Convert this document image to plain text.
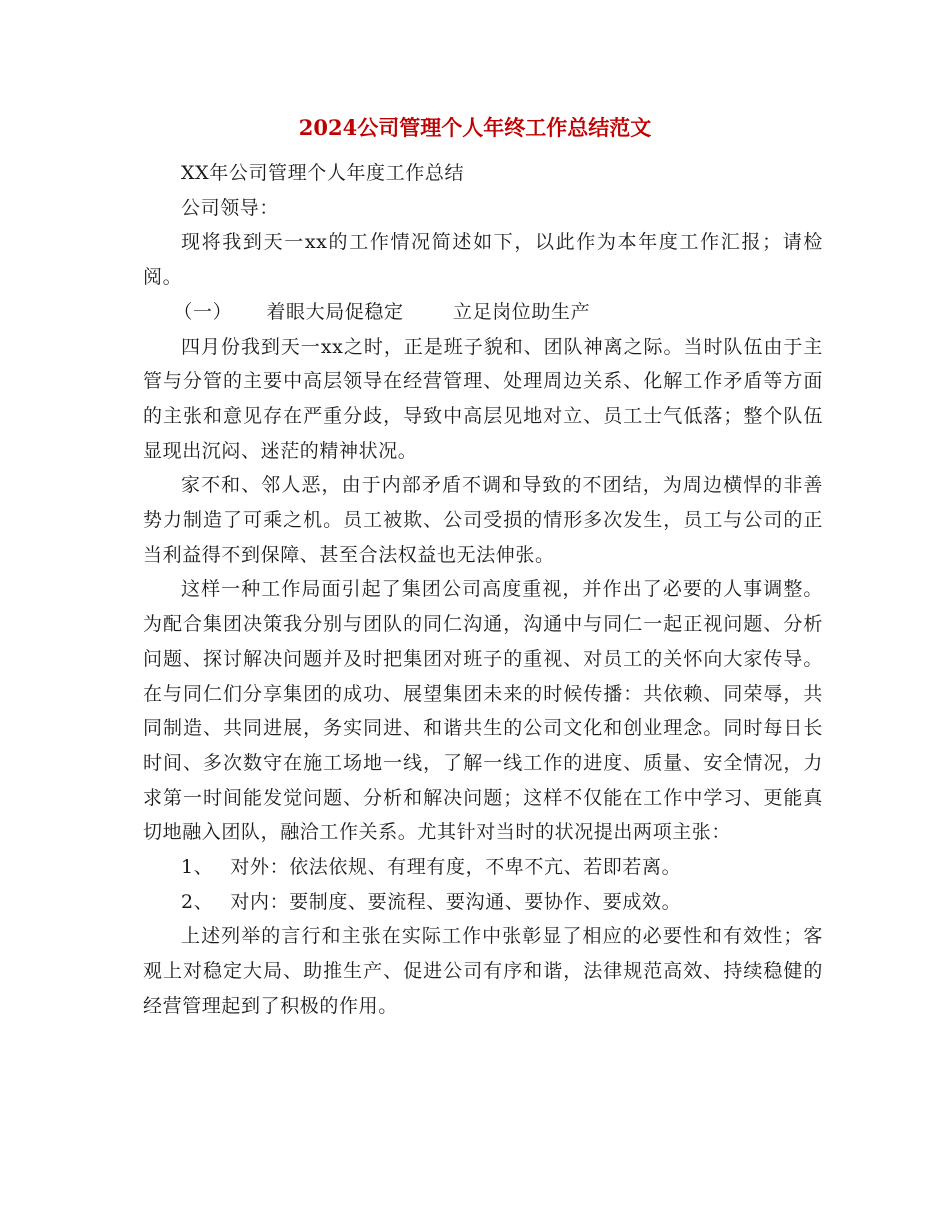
2024公司管理个人年终工作总结范文

XX年公司管理个人年度工作总结

公司领导：

现将我到天一xx的工作情况简述如下，以此作为本年度工作汇报；请检阅。

（一） 着眼大局促稳定	立足岗位助生产

四月份我到天一xx之时，正是班子貌和、团队神离之际。当时队伍由于主管与分管的主要中高层领导在经营管理、处理周边关系、化解工作矛盾等方面的主张和意见存在严重分歧，导致中高层见地对立、员工士气低落；整个队伍显现出沉闷、迷茫的精神状况。

家不和、邻人恶，由于内部矛盾不调和导致的不团结，为周边横悍的非善势力制造了可乘之机。员工被欺、公司受损的情形多次发生，员工与公司的正当利益得不到保障、甚至合法权益也无法伸张。

这样一种工作局面引起了集团公司高度重视，并作出了必要的人事调整。为配合集团决策我分别与团队的同仁沟通，沟通中与同仁一起正视问题、分析问题、探讨解决问题并及时把集团对班子的重视、对员工的关怀向大家传导。在与同仁们分享集团的成功、展望集团未来的时候传播：共依赖、同荣辱，共同制造、共同进展，务实同进、和谐共生的公司文化和创业理念。同时每日长时间、多次数守在施工场地一线，了解一线工作的进度、质量、安全情况，力求第一时间能发觉问题、分析和解决问题；这样不仅能在工作中学习、更能真切地融入团队，融洽工作关系。尤其针对当时的状况提出两项主张：

1、 对外：依法依规、有理有度，不卑不亢、若即若离。

2、 对内：要制度、要流程、要沟通、要协作、要成效。

上述列举的言行和主张在实际工作中张彰显了相应的必要性和有效性；客观上对稳定大局、助推生产、促进公司有序和谐，法律规范高效、持续稳健的经营管理起到了积极的作用。
